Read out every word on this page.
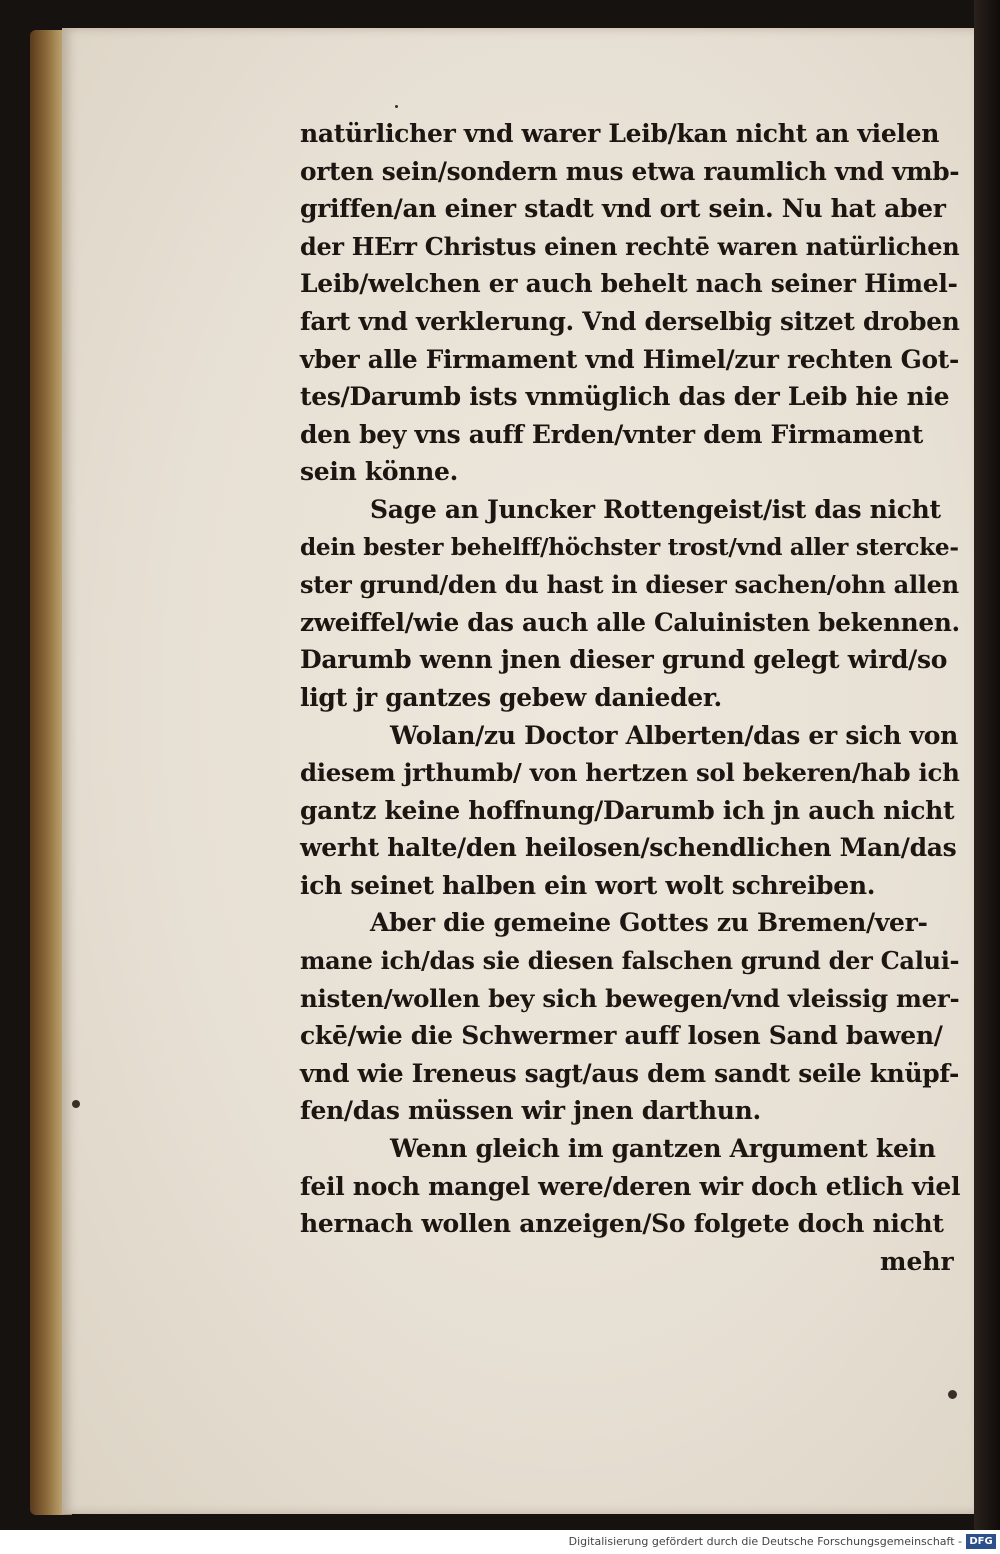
natürlicher vnd warer Leib/kan nicht an vielen
orten sein/sondern mus etwa raumlich vnd vmb-
griffen/an einer stadt vnd ort sein. Nu hat aber
der HErr Christus einen rechtē waren natürlichen
Leib/welchen er auch behelt nach seiner Himel-
fart vnd verklerung. Vnd derselbig sitzet droben
vber alle Firmament vnd Himel/zur rechten Got-
tes/Darumb ists vnmüglich das der Leib hie nie
den bey vns auff Erden/vnter dem Firmament
sein könne.
Sage an Juncker Rottengeist/ist das nicht
dein bester behelff/höchster trost/vnd aller stercke-
ster grund/den du hast in dieser sachen/ohn allen
zweiffel/wie das auch alle Caluinisten bekennen.
Darumb wenn jnen dieser grund gelegt wird/so
ligt jr gantzes gebew danieder.
Wolan/zu Doctor Alberten/das er sich von
diesem jrthumb/ von hertzen sol bekeren/hab ich
gantz keine hoffnung/Darumb ich jn auch nicht
werht halte/den heilosen/schendlichen Man/das
ich seinet halben ein wort wolt schreiben.
Aber die gemeine Gottes zu Bremen/ver-
mane ich/das sie diesen falschen grund der Calui-
nisten/wollen bey sich bewegen/vnd vleissig mer-
ckē/wie die Schwermer auff losen Sand bawen/
vnd wie Ireneus sagt/aus dem sandt seile knüpf-
fen/das müssen wir jnen darthun.
Wenn gleich im gantzen Argument kein
feil noch mangel were/deren wir doch etlich viel
hernach wollen anzeigen/So folgete doch nicht
mehr
Digitalisierung gefördert durch die Deutsche Forschungsgemeinschaft - DFG
